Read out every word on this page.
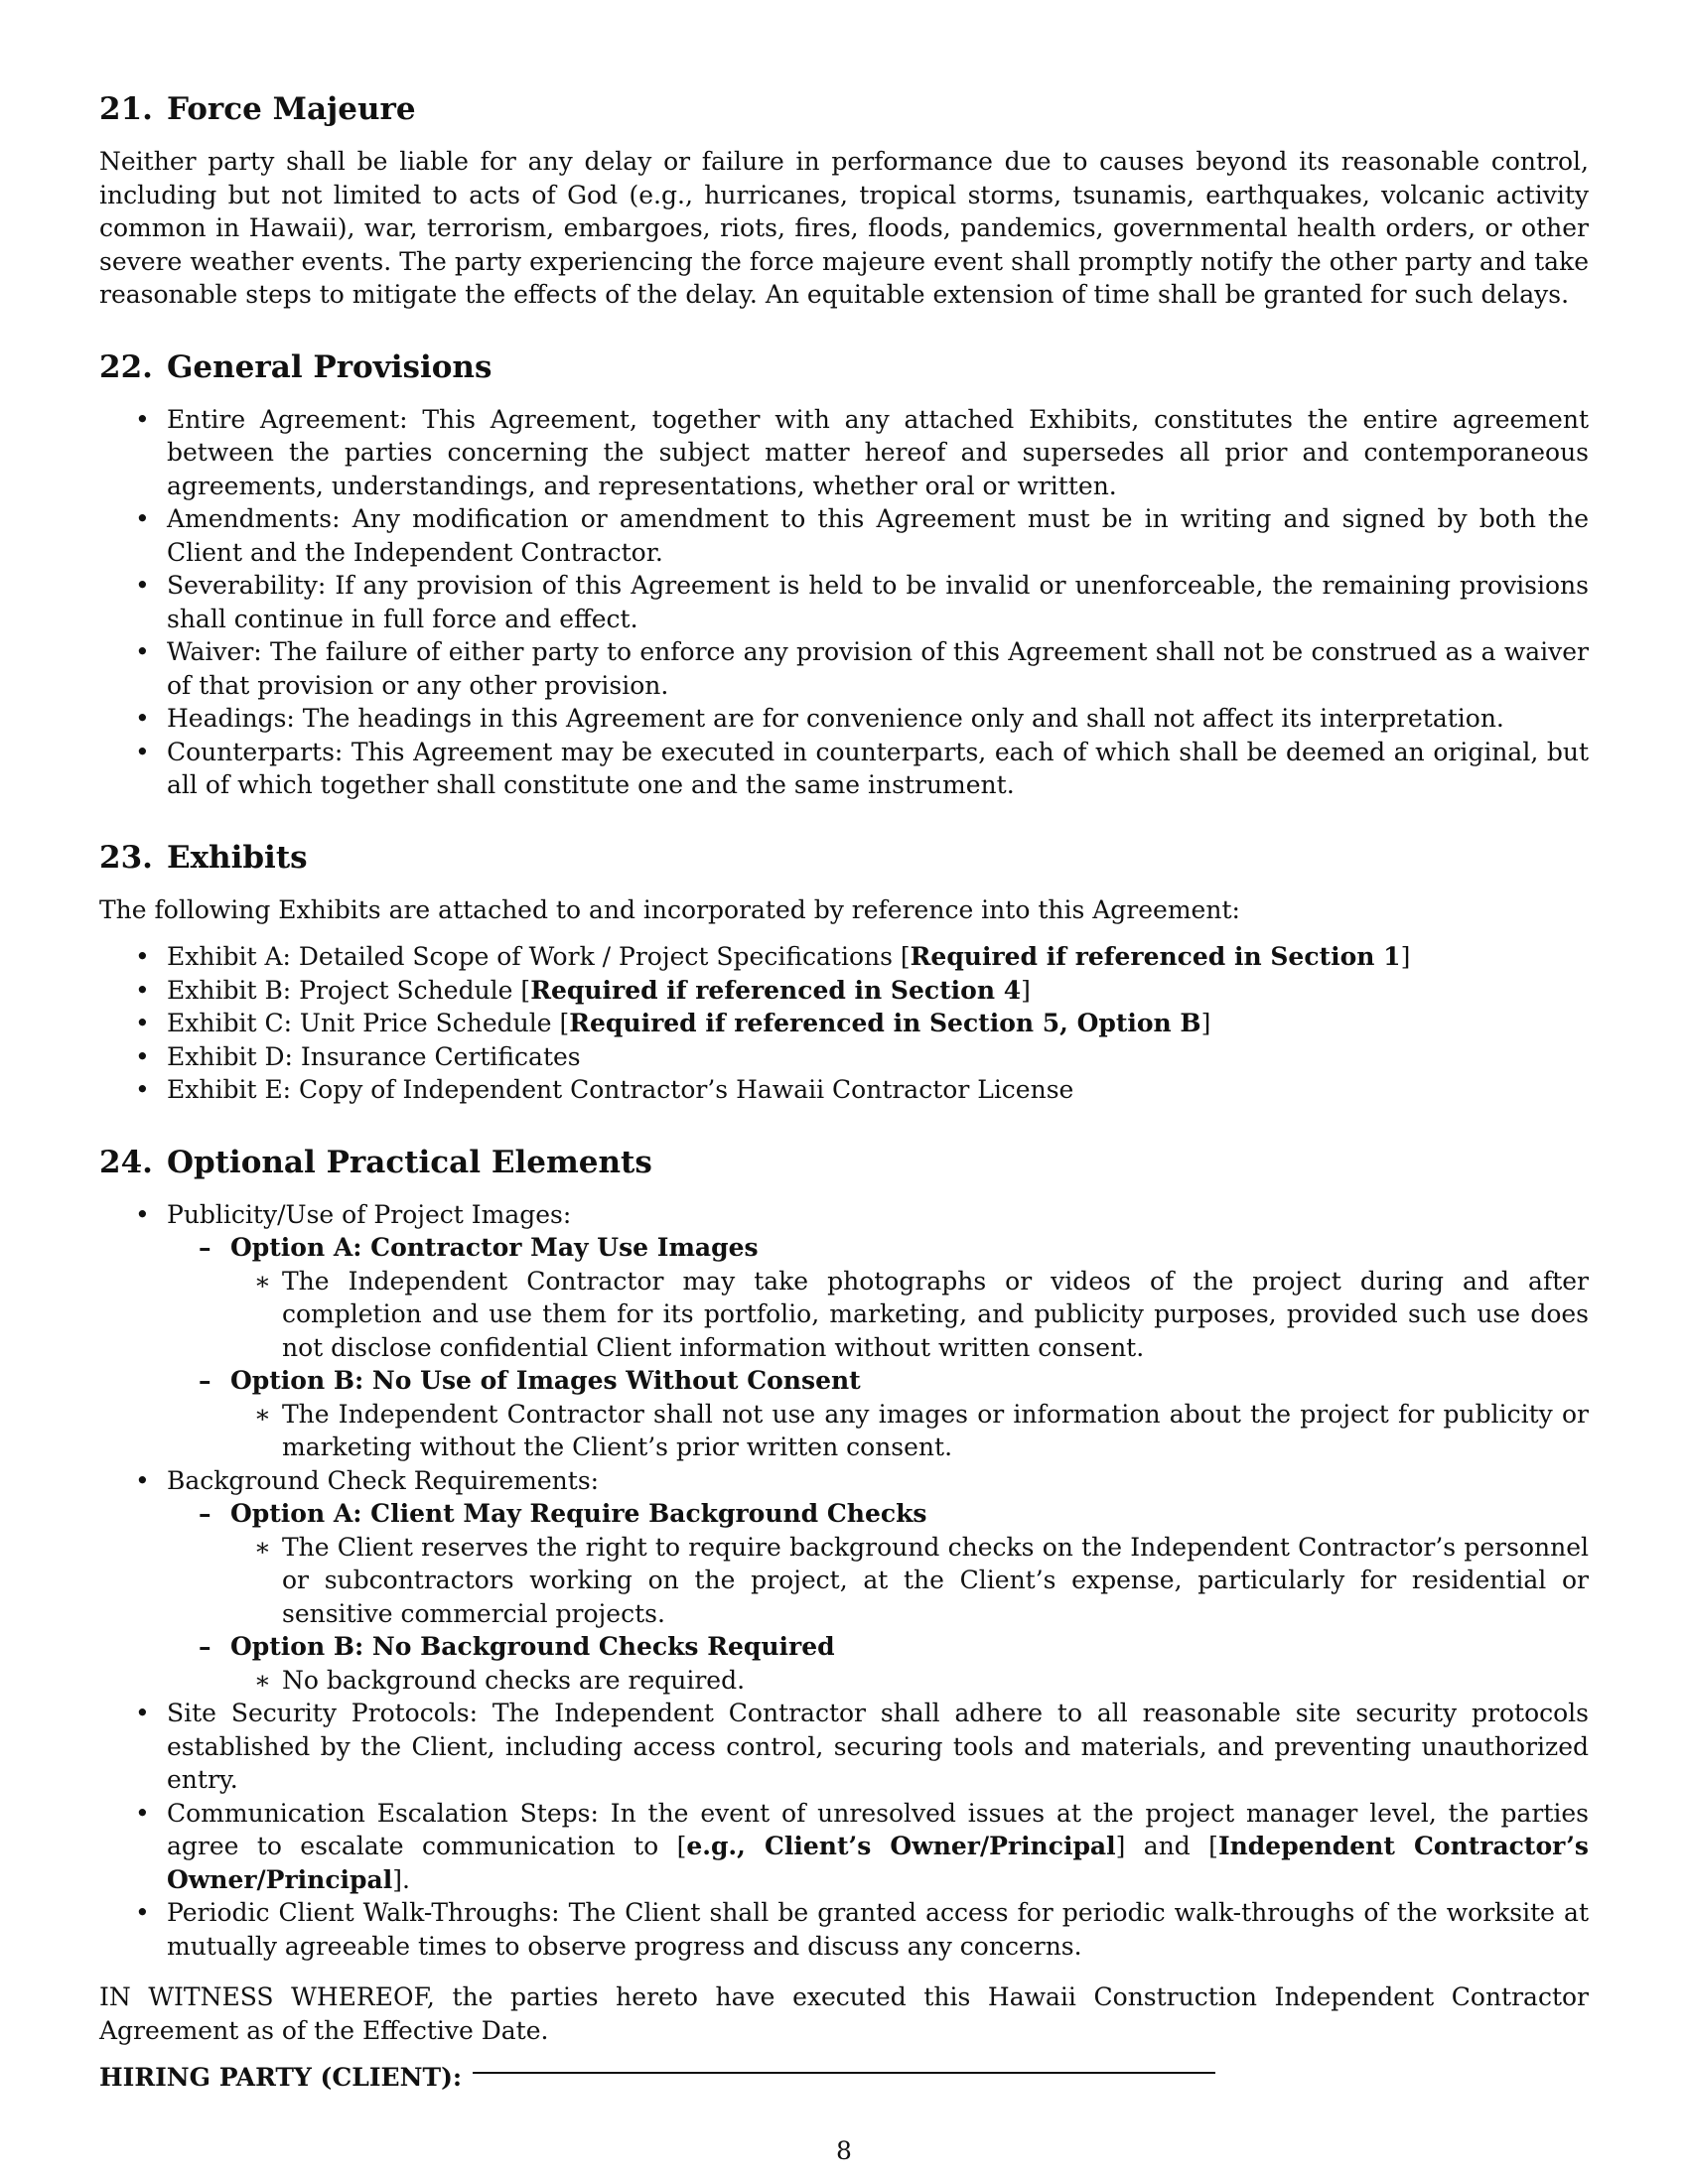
21. Force Majeure

Neither party shall be liable for any delay or failure in performance due to causes beyond its reasonable control, including but not limited to acts of God (e.g., hurricanes, tropical storms, tsunamis, earthquakes, volcanic activity common in Hawaii), war, terrorism, embargoes, riots, fires, floods, pandemics, governmental health orders, or other severe weather events. The party experiencing the force majeure event shall promptly notify the other party and take reasonable steps to mitigate the effects of the delay. An equitable extension of time shall be granted for such delays.

22. General Provisions
• Entire Agreement: This Agreement, together with any attached Exhibits, constitutes the entire agreement between the parties concerning the subject matter hereof and supersedes all prior and contemporaneous agreements, understandings, and representations, whether oral or written.
• Amendments: Any modification or amendment to this Agreement must be in writing and signed by both the Client and the Independent Contractor.
• Severability: If any provision of this Agreement is held to be invalid or unenforceable, the remaining provisions shall continue in full force and effect.
• Waiver: The failure of either party to enforce any provision of this Agreement shall not be construed as a waiver of that provision or any other provision.
• Headings: The headings in this Agreement are for convenience only and shall not affect its interpretation.
• Counterparts: This Agreement may be executed in counterparts, each of which shall be deemed an original, but all of which together shall constitute one and the same instrument.
23. Exhibits

The following Exhibits are attached to and incorporated by reference into this Agreement:

• Exhibit A: Detailed Scope of Work / Project Specifications [Required if referenced in Section 1]
• Exhibit B: Project Schedule [Required if referenced in Section 4]
• Exhibit C: Unit Price Schedule [Required if referenced in Section 5, Option B]
• Exhibit D: Insurance Certificates
• Exhibit E: Copy of Independent Contractor’s Hawaii Contractor License
24. Optional Practical Elements
• Publicity/Use of Project Images:
– Option A: Contractor May Use Images
∗ The Independent Contractor may take photographs or videos of the project during and after completion and use them for its portfolio, marketing, and publicity purposes, provided such use does not disclose confidential Client information without written consent.
– Option B: No Use of Images Without Consent
∗ The Independent Contractor shall not use any images or information about the project for publicity or marketing without the Client’s prior written consent.
• Background Check Requirements:
– Option A: Client May Require Background Checks
∗ The Client reserves the right to require background checks on the Independent Contractor’s personnel or subcontractors working on the project, at the Client’s expense, particularly for residential or sensitive commercial projects.
– Option B: No Background Checks Required
∗ No background checks are required.
• Site Security Protocols: The Independent Contractor shall adhere to all reasonable site security protocols established by the Client, including access control, securing tools and materials, and preventing unauthorized entry.
• Communication Escalation Steps: In the event of unresolved issues at the project manager level, the parties agree to escalate communication to [e.g., Client’s Owner/Principal] and [Independent Contractor’s Owner/Principal].
• Periodic Client Walk-Throughs: The Client shall be granted access for periodic walk-throughs of the worksite at mutually agreeable times to observe progress and discuss any concerns.

IN WITNESS WHEREOF, the parties hereto have executed this Hawaii Construction Independent Contractor Agreement as of the Effective Date.

HIRING PARTY (CLIENT):

8
